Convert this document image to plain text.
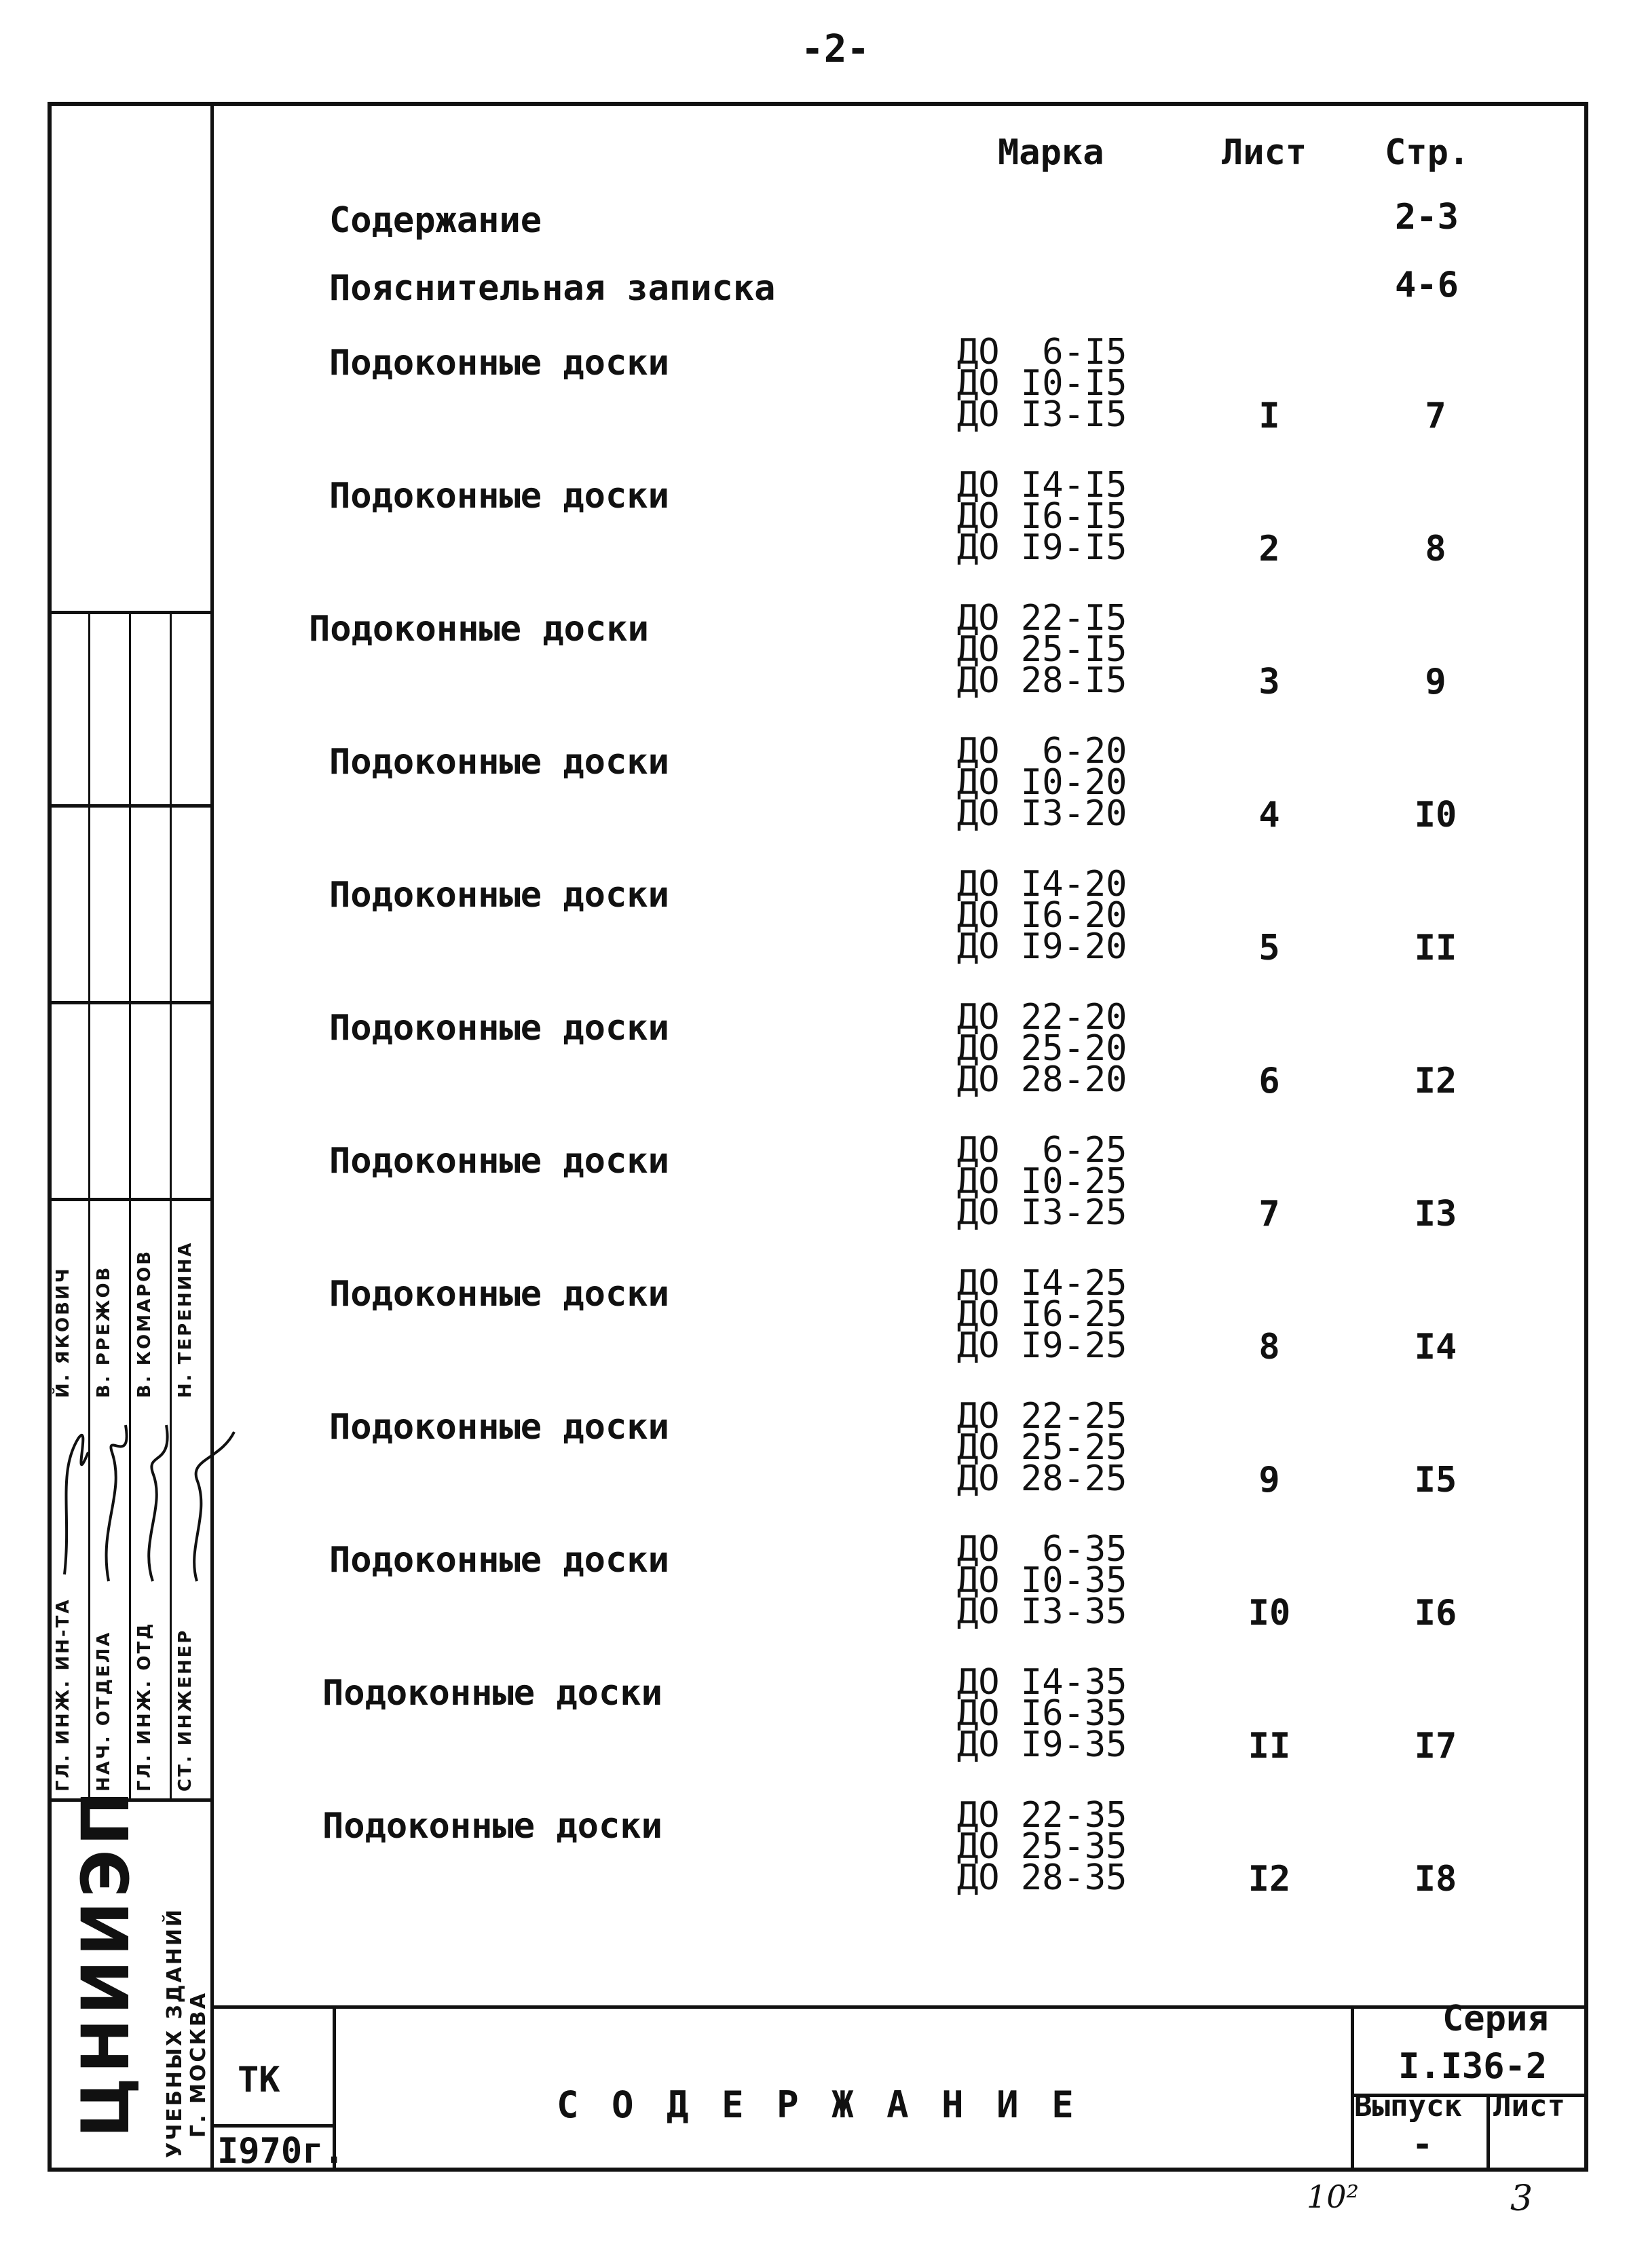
-2-
Марка	Лист Стр.
Содержание	2-3
Пояснительная записка	4-6
Подоконные доски	ДО  6-I5
ДО I0-I5
ДО I3-I5	I	7
Подоконные доски	ДО I4-I5
ДО I6-I5
ДО I9-I5	2	8
Подоконные доски	ДО 22-I5
ДО 25-I5
ДО 28-I5	3	9
Подоконные доски	ДО  6-20
ДО I0-20
ДО I3-20	4	I0
Подоконные доски	ДО I4-20
ДО I6-20
ДО I9-20	5	II
Подоконные доски	ДО 22-20
ДО 25-20
ДО 28-20	6	I2
Подоконные доски	ДО  6-25
ДО I0-25
ДО I3-25	7	I3
Подоконные доски	ДО I4-25
ДО I6-25
ДО I9-25	8	I4
Подоконные доски	ДО 22-25
ДО 25-25
ДО 28-25	9	I5
Подоконные доски	ДО  6-35
ДО I0-35
ДО I3-35	I0	I6
Подоконные доски	ДО I4-35
ДО I6-35
ДО I9-35	II	I7
Подоконные доски	ДО 22-35
ДО 25-35
ДО 28-35	I2	I8
ГЛ. ИНЖ. ИН-ТА НАЧ. ОТДЕЛА ГЛ. ИНЖ. ОТД СТ. ИНЖЕНЕР
Й. ЯКОВИЧ В. РРЕЖОВ В. КОМАРОВ Н. ТЕРЕНИНА
ЦНИИЭП УЧЕБНЫХ ЗДАНИЙ Г. МОСКВА ТК
I970г.
С О Д Е Р Ж А Н И Е
Серия
I.I36-2
Выпуск Лист
-
10²	3
